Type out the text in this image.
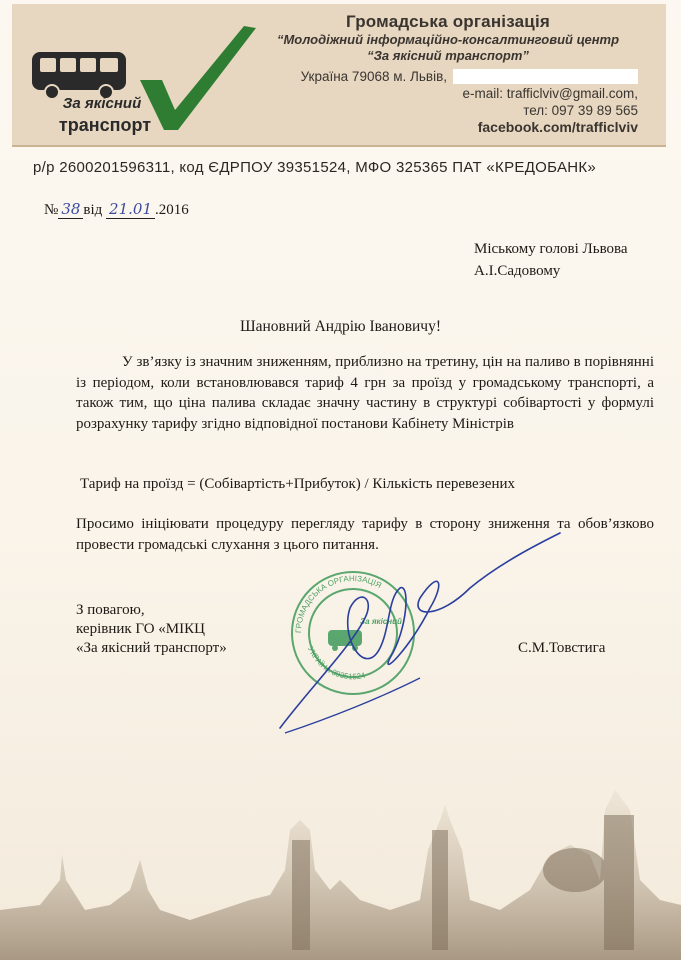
За якісний
транспорт
Громадська організація
“Молодіжний інформаційно-консалтинговий центр
“За якісний транспорт”
Україна 79068 м. Львів,
e-mail: trafficlviv@gmail.com,
тел: 097 39 89 565
facebook.com/trafficlviv
р/р 2600201596311, код ЄДРПОУ 39351524, МФО 325365 ПАТ «КРЕДОБАНК»
№ 38 від 21.01 .2016
Міському голові Львова
А.І.Садовому
Шановний Андрію Івановичу!
У зв’язку із значним зниженням, приблизно на третину, цін на паливо в порівнянні із періодом, коли встановлювався тариф 4 грн за проїзд у громадському транспорті, а також тим, що ціна палива складає значну частину в структурі собівартості у формулі розрахунку тарифу згідно відповідної постанови Кабінету Міністрів
Тариф на проїзд = (Собівартість+Прибуток) / Кількість перевезених
Просимо ініціювати процедуру перегляду тарифу в сторону зниження та обов’язково провести громадські слухання з цього питання.
З повагою,
керівник ГО «МІКЦ
«За якісний транспорт»	С.М.Товстига
ГРОМАДСЬКА ОРГАНІЗАЦІЯ
УКРАЇНА 39351524
За якісний
